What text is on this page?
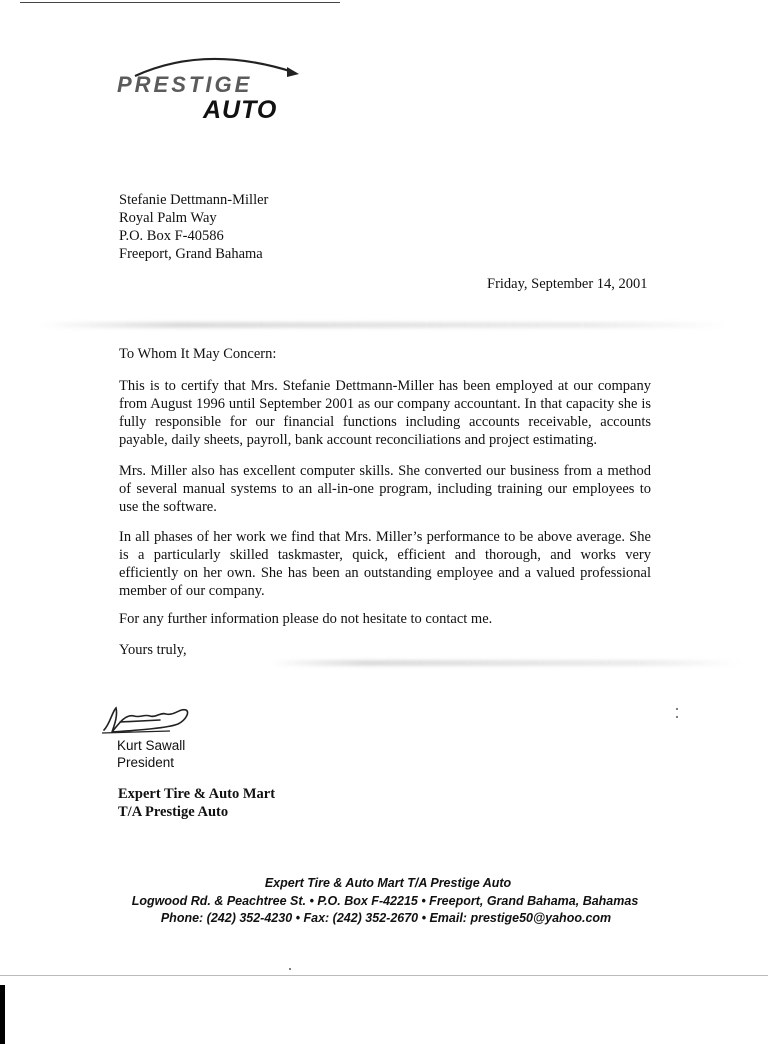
PRESTIGE
AUTO
Stefanie Dettmann-Miller
Royal Palm Way
P.O. Box F-40586
Freeport, Grand Bahama
Friday, September 14, 2001
To Whom It May Concern:
This is to certify that Mrs. Stefanie Dettmann-Miller has been employed at our company from August 1996 until September 2001 as our company accountant. In that capacity she is fully responsible for our financial functions including accounts receivable, accounts payable, daily sheets, payroll, bank account reconciliations and project estimating.
Mrs. Miller also has excellent computer skills. She converted our business from a method of several manual systems to an all-in-one program, including training our employees to use the software.
In all phases of her work we find that Mrs. Miller’s performance to be above average. She is a particularly skilled taskmaster, quick, efficient and thorough, and works very efficiently on her own. She has been an outstanding employee and a valued professional member of our company.
For any further information please do not hesitate to contact me.
Yours truly,
Kurt Sawall
President
Expert Tire & Auto Mart
T/A Prestige Auto
Expert Tire & Auto Mart T/A Prestige Auto
Logwood Rd. & Peachtree St. • P.O. Box F-42215 • Freeport, Grand Bahama, Bahamas
Phone: (242) 352-4230 • Fax: (242) 352-2670 • Email: prestige50@yahoo.com
